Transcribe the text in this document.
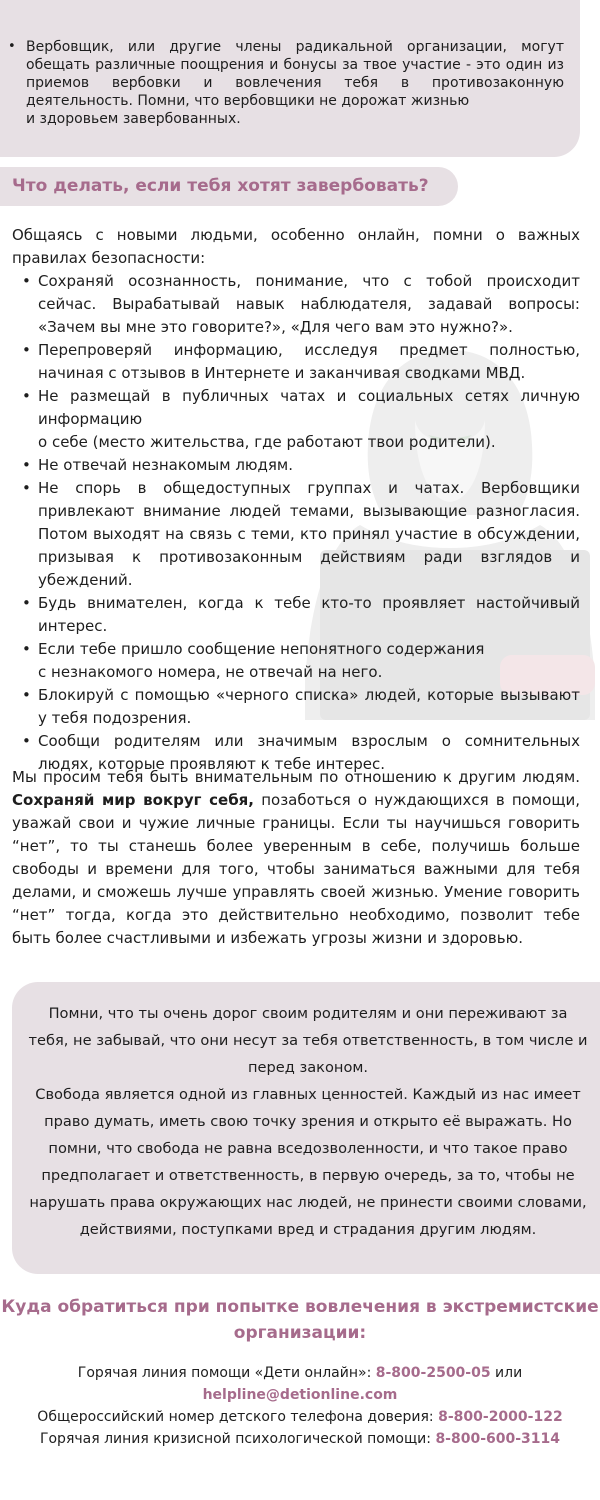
• Вербовщик, или другие члены радикальной организации, могут обещать различные поощрения и бонусы за твое участие - это один из приемов вербовки и вовлечения тебя в противозаконную деятельность. Помни, что вербовщики не дорожат жизнью
и здоровьем завербованных.
Что делать, если тебя хотят завербовать?

Общаясь с новыми людьми, особенно онлайн, помни о важных правилах безопасности:

• Сохраняй осознанность, понимание, что с тобой происходит сейчас. Вырабатывай навык наблюдателя, задавай вопросы: «Зачем вы мне это говорите?», «Для чего вам это нужно?».
• Перепроверяй информацию, исследуя предмет полностью, начиная с отзывов в Интернете и заканчивая сводками МВД.
• Не размещай в публичных чатах и социальных сетях личную информацию
о себе (место жительства, где работают твои родители).
• Не отвечай незнакомым людям.
• Не спорь в общедоступных группах и чатах. Вербовщики привлекают внимание людей темами, вызывающие разногласия. Потом выходят на связь с теми, кто принял участие в обсуждении, призывая к противозаконным действиям ради взглядов и убеждений.
• Будь внимателен, когда к тебе кто-то проявляет настойчивый интерес.
• Если тебе пришло сообщение непонятного содержания
с незнакомого номера, не отвечай на него.
• Блокируй с помощью «черного списка» людей, которые вызывают у тебя подозрения.
• Сообщи родителям или значимым взрослым о сомнительных людях, которые проявляют к тебе интерес.

Мы просим тебя быть внимательным по отношению к другим людям. Сохраняй мир вокруг себя, позаботься о нуждающихся в помощи, уважай свои и чужие личные границы. Если ты научишься говорить “нет”, то ты станешь более уверенным в себе, получишь больше свободы и времени для того, чтобы заниматься важными для тебя делами, и сможешь лучше управлять своей жизнью. Умение говорить “нет” тогда, когда это действительно необходимо, позволит тебе быть более счастливыми и избежать угрозы жизни и здоровью.

Помни, что ты очень дорог своим родителям и они переживают за тебя, не забывай, что они несут за тебя ответственность, в том числе и перед законом.
Свобода является одной из главных ценностей. Каждый из нас имеет право думать, иметь свою точку зрения и открыто её выражать. Но помни, что свобода не равна вседозволенности, и что такое право предполагает и ответственность, в первую очередь, за то, чтобы не нарушать права окружающих нас людей, не принести своими словами, действиями, поступками вред и страдания другим людям.

Куда обратиться при попытке вовлечения в экстремистские организации:
Горячая линия помощи «Дети онлайн»: 8-800-2500-05 или
helpline@detionline.com
Общероссийский номер детского телефона доверия: 8-800-2000-122
Горячая линия кризисной психологической помощи: 8-800-600-3114
